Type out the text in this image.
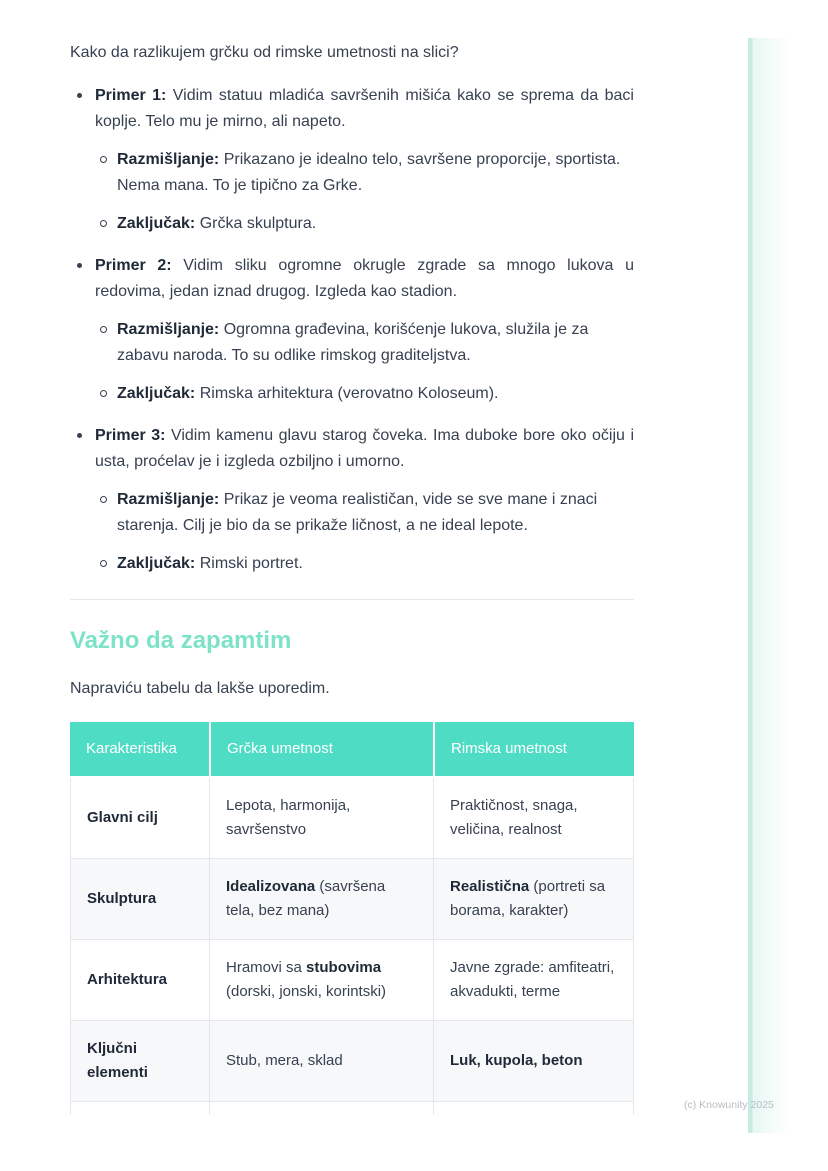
Kako da razlikujem grčku od rimske umetnosti na slici?

Primer 1: Vidim statuu mladića savršenih mišića kako se sprema da baci koplje. Telo mu je mirno, ali napeto.
Razmišljanje: Prikazano je idealno telo, savršene proporcije, sportista. Nema mana. To je tipično za Grke.
Zaključak: Grčka skulptura.
Primer 2: Vidim sliku ogromne okrugle zgrade sa mnogo lukova u redovima, jedan iznad drugog. Izgleda kao stadion.
Razmišljanje: Ogromna građevina, korišćenje lukova, služila je za zabavu naroda. To su odlike rimskog graditeljstva.
Zaključak: Rimska arhitektura (verovatno Koloseum).
Primer 3: Vidim kamenu glavu starog čoveka. Ima duboke bore oko očiju i usta, proćelav je i izgleda ozbiljno i umorno.
Razmišljanje: Prikaz je veoma realističan, vide se sve mane i znaci starenja. Cilj je bio da se prikaže ličnost, a ne ideal lepote.
Zaključak: Rimski portret.
Važno da zapamtim

Napraviću tabelu da lakše uporedim.

Karakteristika	Grčka umetnost	Rimska umetnost
Glavni cilj	Lepota, harmonija, savršenstvo	Praktičnost, snaga, veličina, realnost
Skulptura	Idealizovana (savršena tela, bez mana)	Realistična (portreti sa borama, karakter)
Arhitektura	Hramovi sa stubovima (dorski, jonski, korintski)	Javne zgrade: amfiteatri, akvadukti, terme
Ključni elementi	Stub, mera, sklad	Luk, kupola, beton

(c) Knowunity 2025
